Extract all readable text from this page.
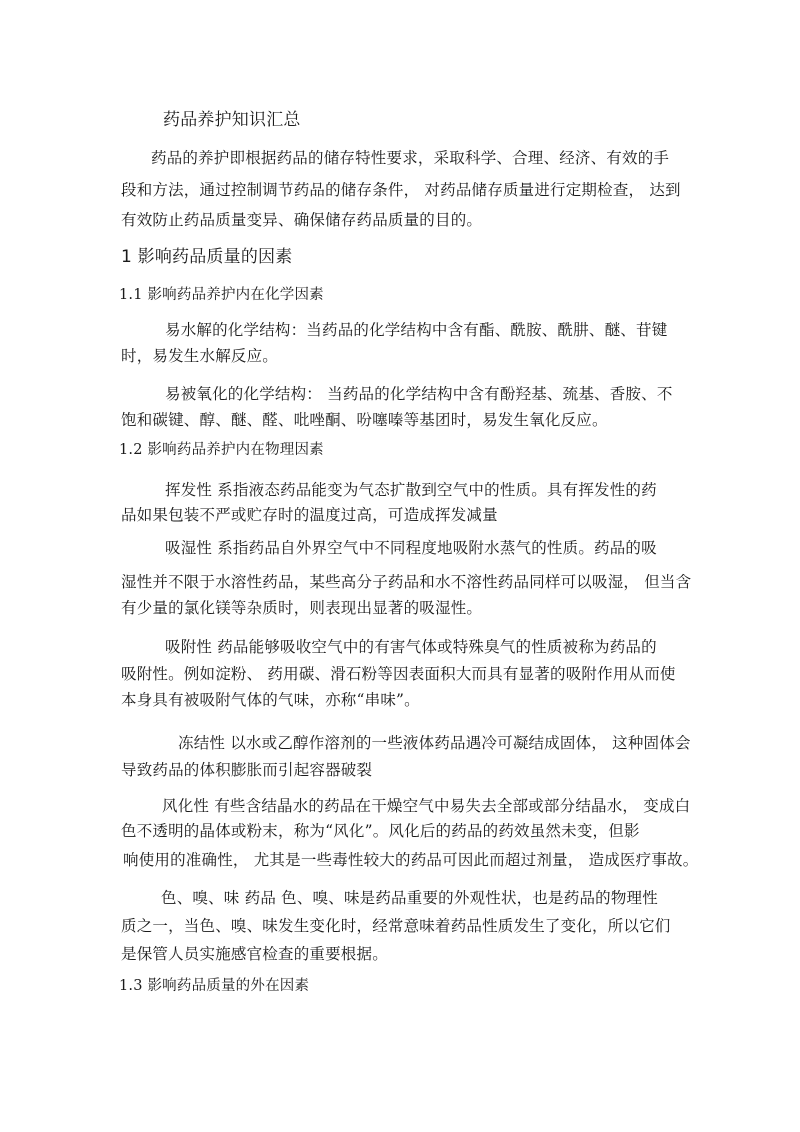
药品养护知识汇总
药品的养护即根据药品的储存特性要求，采取科学、合理、经济、有效的手
段和方法，通过控制调节药品的储存条件， 对药品储存质量进行定期检查， 达到
有效防止药品质量变异、确保储存药品质量的目的。
1 影响药品质量的因素
1.1 影响药品养护内在化学因素
易水解的化学结构：当药品的化学结构中含有酯、酰胺、酰肼、醚、苷键
时，易发生水解反应。
易被氧化的化学结构： 当药品的化学结构中含有酚羟基、巯基、香胺、不
饱和碳键、醇、醚、醛、吡唑酮、吩噻嗪等基团时，易发生氧化反应。
1.2 影响药品养护内在物理因素
挥发性 系指液态药品能变为气态扩散到空气中的性质。具有挥发性的药
品如果包装不严或贮存时的温度过高，可造成挥发减量
吸湿性 系指药品自外界空气中不同程度地吸附水蒸气的性质。药品的吸
湿性并不限于水溶性药品，某些高分子药品和水不溶性药品同样可以吸湿， 但当含
有少量的氯化镁等杂质时，则表现出显著的吸湿性。
吸附性 药品能够吸收空气中的有害气体或特殊臭气的性质被称为药品的
吸附性。例如淀粉、 药用碳、滑石粉等因表面积大而具有显著的吸附作用从而使
本身具有被吸附气体的气味，亦称“串味”。
冻结性 以水或乙醇作溶剂的一些液体药品遇冷可凝结成固体， 这种固体会
导致药品的体积膨胀而引起容器破裂
风化性 有些含结晶水的药品在干燥空气中易失去全部或部分结晶水， 变成白
色不透明的晶体或粉末，称为“风化”。风化后的药品的药效虽然未变，但影
响使用的准确性， 尤其是一些毒性较大的药品可因此而超过剂量， 造成医疗事故。
色、嗅、味 药品 色、嗅、味是药品重要的外观性状，也是药品的物理性
质之一，当色、嗅、味发生变化时，经常意味着药品性质发生了变化，所以它们
是保管人员实施感官检查的重要根据。
1.3 影响药品质量的外在因素
